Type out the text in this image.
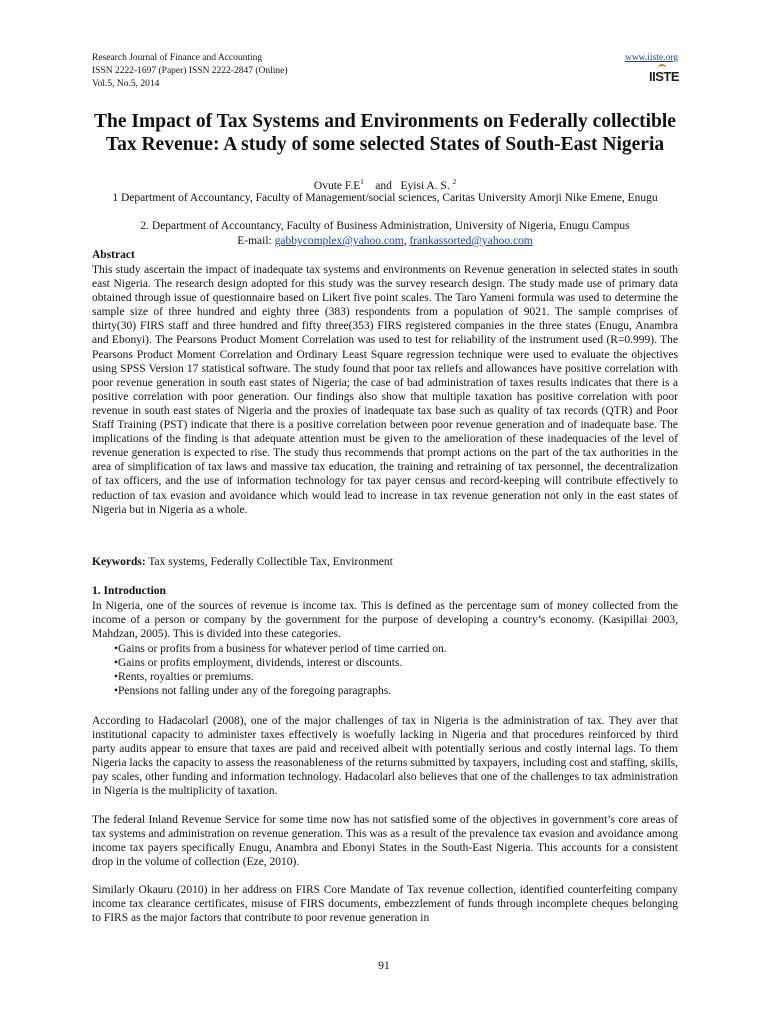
Research Journal of Finance and Accounting
ISSN 2222-1697 (Paper) ISSN 2222-2847 (Online)
Vol.5, No.5, 2014
www.iiste.org
IISTE
The Impact of Tax Systems and Environments on Federally collectible Tax Revenue: A study of some selected States of South-East Nigeria
Ovute $F.E^1$ and Eyisi A. S. $^2$
1 Department of Accountancy, Faculty of Management/social sciences, Caritas University Amorji Nike Emene, Enugu
2. Department of Accountancy, Faculty of Business Administration, University of Nigeria, Enugu Campus
E-mail: gabbycomplex@yahoo.com, frankassorted@yahoo.com
Abstract

This study ascertain the impact of inadequate tax systems and environments on Revenue generation in selected states in south east Nigeria. The research design adopted for this study was the survey research design. The study made use of primary data obtained through issue of questionnaire based on Likert five point scales. The Taro Yameni formula was used to determine the sample size of three hundred and eighty three (383) respondents from a population of 9021. The sample comprises of thirty(30) FIRS staff and three hundred and fifty three(353) FIRS registered companies in the three states (Enugu, Anambra and Ebonyi). The Pearsons Product Moment Correlation was used to test for reliability of the instrument used (R=0.999). The Pearsons Product Moment Correlation and Ordinary Least Square regression technique were used to evaluate the objectives using SPSS Version 17 statistical software. The study found that poor tax reliefs and allowances have positive correlation with poor revenue generation in south east states of Nigeria; the case of bad administration of taxes results indicates that there is a positive correlation with poor generation. Our findings also show that multiple taxation has positive correlation with poor revenue in south east states of Nigeria and the proxies of inadequate tax base such as quality of tax records (QTR) and Poor Staff Training (PST) indicate that there is a positive correlation between poor revenue generation and of inadequate base. The implications of the finding is that adequate attention must be given to the amelioration of these inadequacies of the level of revenue generation is expected to rise. The study thus recommends that prompt actions on the part of the tax authorities in the area of simplification of tax laws and massive tax education, the training and retraining of tax personnel, the decentralization of tax officers, and the use of information technology for tax payer census and record-keeping will contribute effectively to reduction of tax evasion and avoidance which would lead to increase in tax revenue generation not only in the east states of Nigeria but in Nigeria as a whole.

Keywords: Tax systems, Federally Collectible Tax, Environment
1. Introduction

In Nigeria, one of the sources of revenue is income tax. This is defined as the percentage sum of money collected from the income of a person or company by the government for the purpose of developing a country’s economy. (Kasipillai 2003, Mahdzan, 2005). This is divided into these categories.

• Gains or profits from a business for whatever period of time carried on.
• Gains or profits employment, dividends, interest or discounts.
• Rents, royalties or premiums.
• Pensions not falling under any of the foregoing paragraphs.

According to Hadacolarl (2008), one of the major challenges of tax in Nigeria is the administration of tax. They aver that institutional capacity to administer taxes effectively is woefully lacking in Nigeria and that procedures reinforced by third party audits appear to ensure that taxes are paid and received albeit with potentially serious and costly internal lags. To them Nigeria lacks the capacity to assess the reasonableness of the returns submitted by taxpayers, including cost and staffing, skills, pay scales, other funding and information technology. Hadacolarl also believes that one of the challenges to tax administration in Nigeria is the multiplicity of taxation.

The federal Inland Revenue Service for some time now has not satisfied some of the objectives in government’s core areas of tax systems and administration on revenue generation. This was as a result of the prevalence tax evasion and avoidance among income tax payers specifically Enugu, Anambra and Ebonyi States in the South-East Nigeria. This accounts for a consistent drop in the volume of collection (Eze, 2010).

Similarly Okauru (2010) in her address on FIRS Core Mandate of Tax revenue collection, identified counterfeiting company income tax clearance certificates, misuse of FIRS documents, embezzlement of funds through incomplete cheques belonging to FIRS as the major factors that contribute to poor revenue generation in

91
